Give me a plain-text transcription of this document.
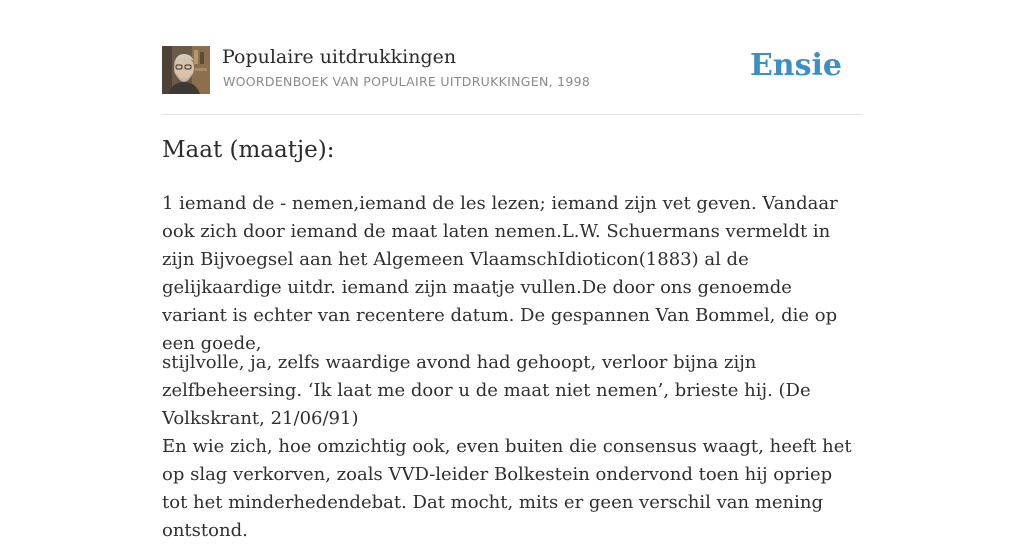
Populaire uitdrukkingen
WOORDENBOEK VAN POPULAIRE UITDRUKKINGEN, 1998	Ensie
Maat (maatje):

1 iemand de - nemen,iemand de les lezen; iemand zijn vet geven. Vandaar ook zich door iemand de maat laten nemen.L.W. Schuermans vermeldt in zijn Bijvoegsel aan het Algemeen VlaamschIdioticon(1883) al de gelijkaardige uitdr. iemand zijn maatje vullen.De door ons genoemde variant is echter van recentere datum. De gespannen Van Bommel, die op een goede,

stijlvolle, ja, zelfs waardige avond had gehoopt, verloor bijna zijn zelfbeheersing. ‘Ik laat me door u de maat niet nemen’, brieste hij. (De Volkskrant, 21/06/91)

En wie zich, hoe omzichtig ook, even buiten die consensus waagt, heeft het op slag verkorven, zoals VVD-leider Bolkestein ondervond toen hij opriep tot het minderhedendebat. Dat mocht, mits er geen verschil van mening ontstond.
